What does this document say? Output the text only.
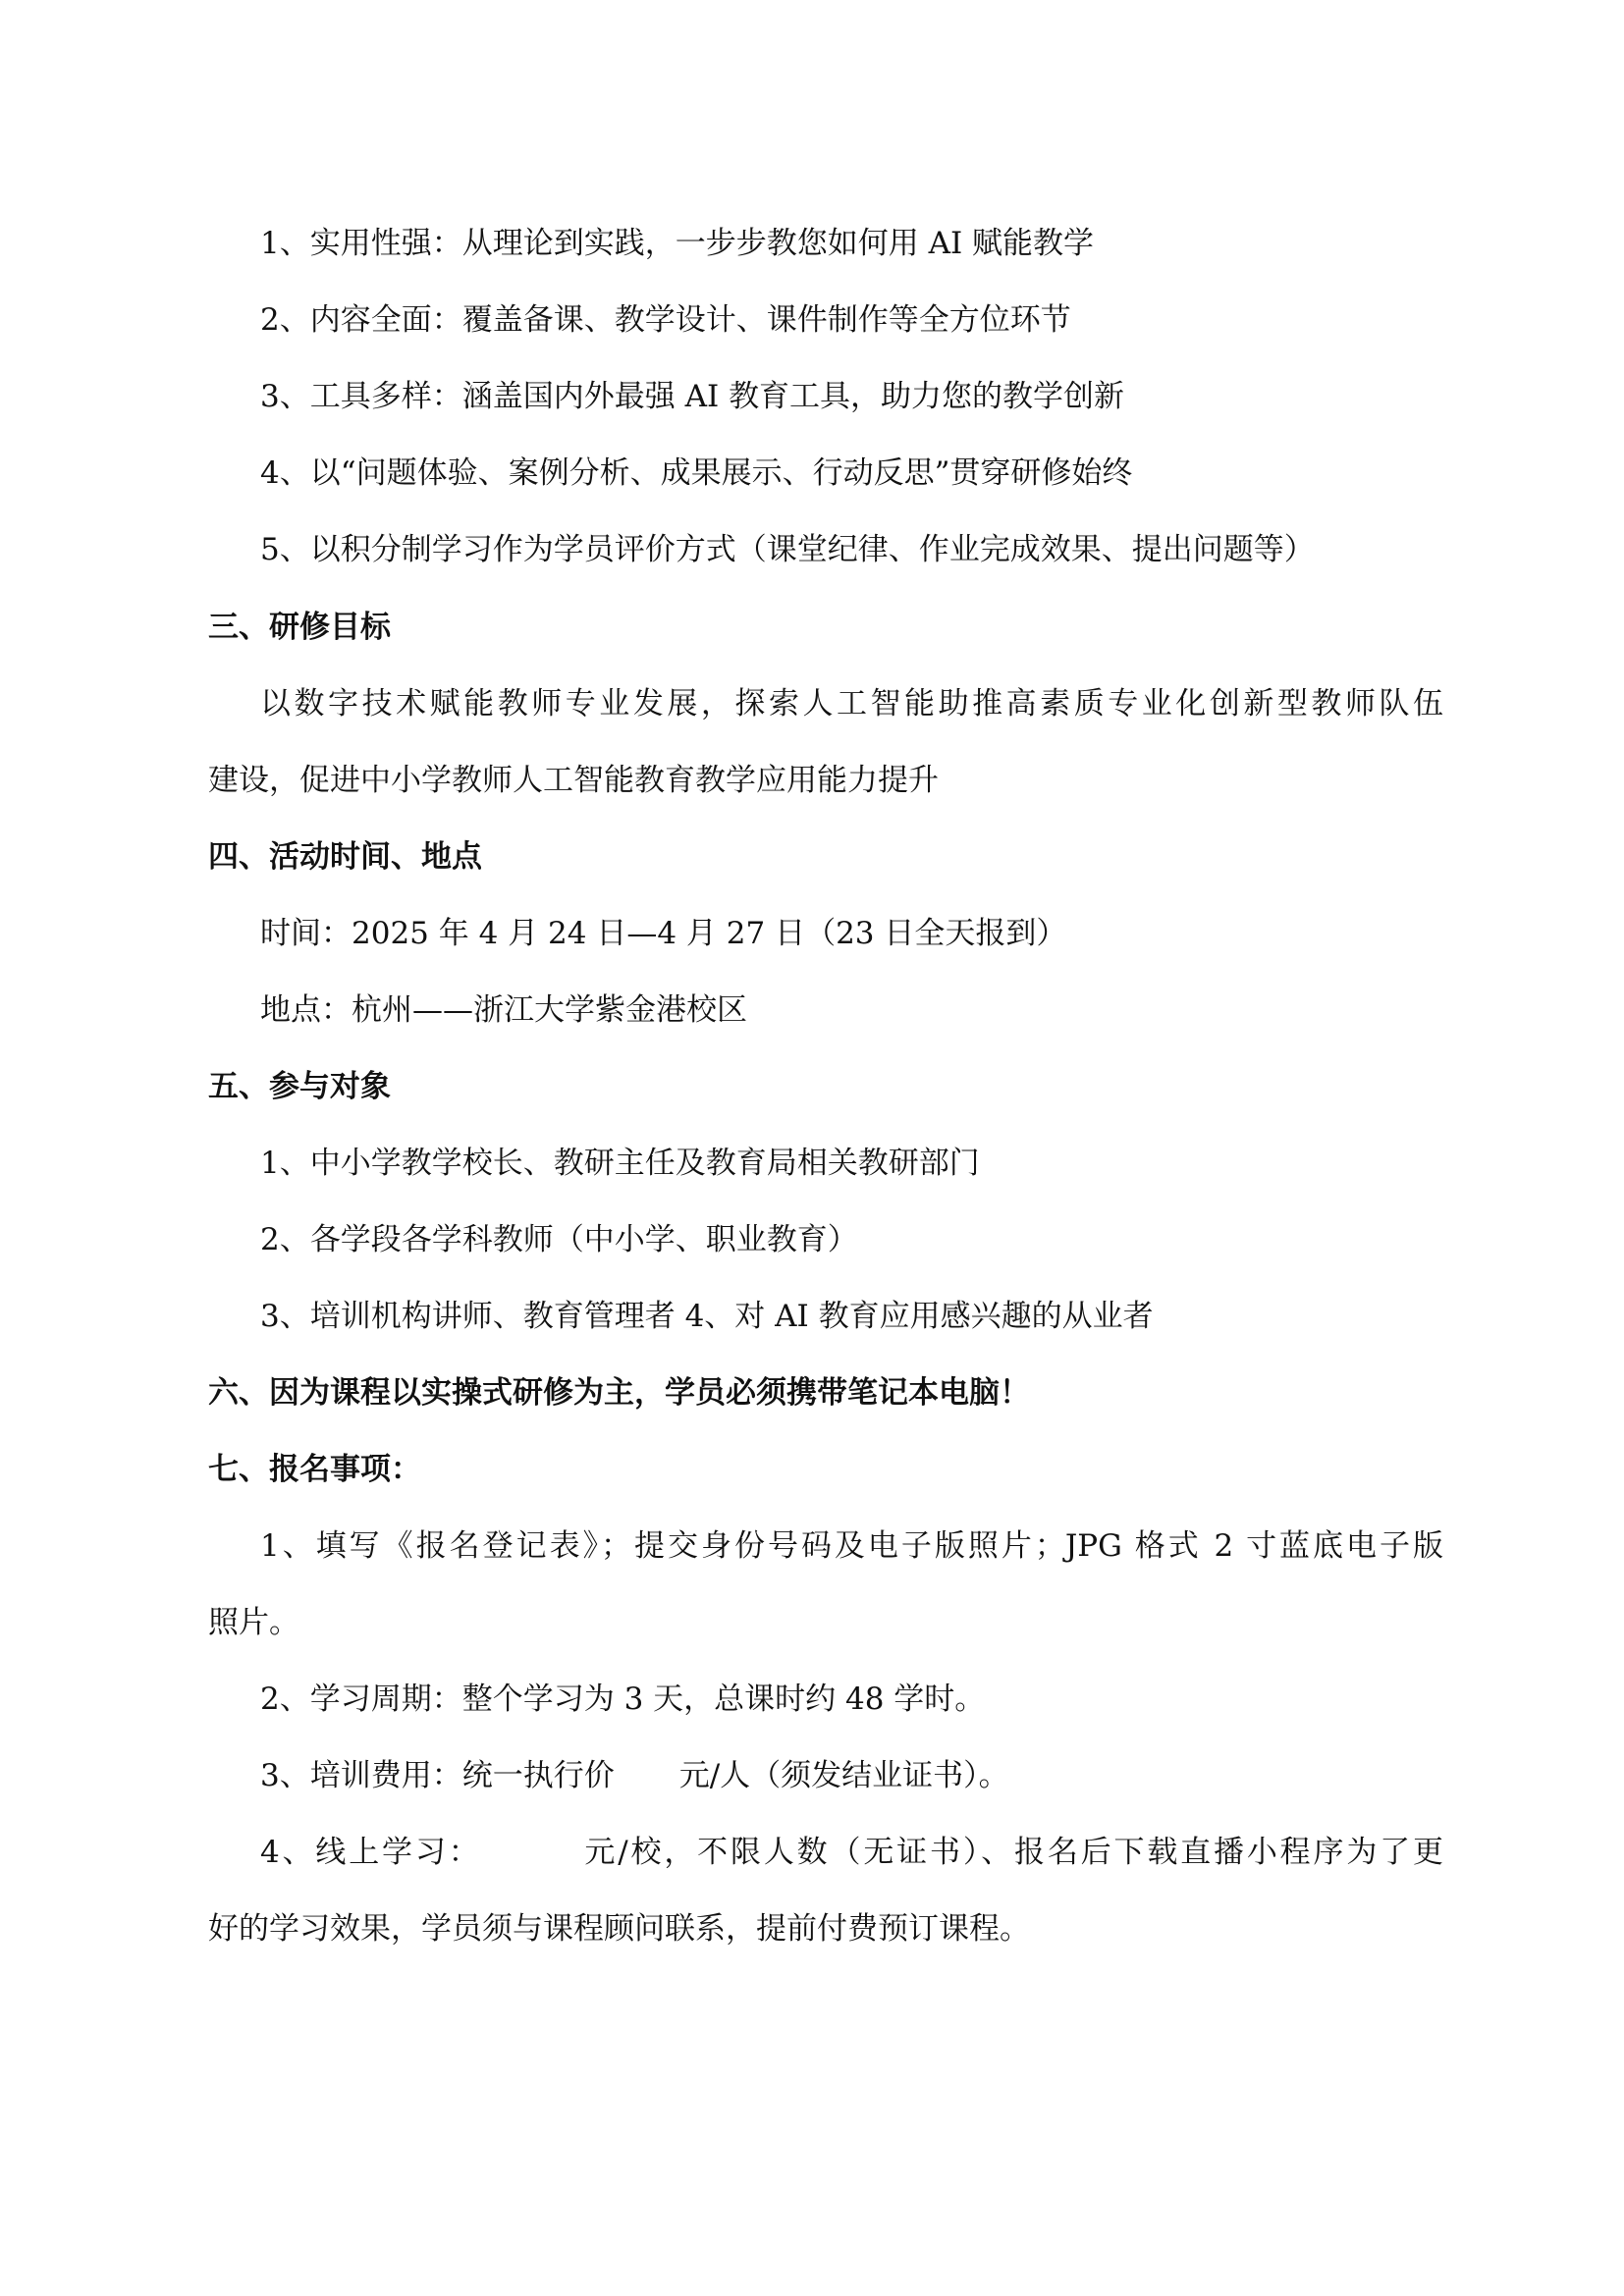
1、实用性强：从理论到实践，一步步教您如何用 AI 赋能教学
2、内容全面：覆盖备课、教学设计、课件制作等全方位环节
3、工具多样：涵盖国内外最强 AI 教育工具，助力您的教学创新
4、以“问题体验、案例分析、成果展示、行动反思”贯穿研修始终
5、以积分制学习作为学员评价方式（课堂纪律、作业完成效果、提出问题等）
三、研修目标
以数字技术赋能教师专业发展，探索人工智能助推高素质专业化创新型教师队伍
建设，促进中小学教师人工智能教育教学应用能力提升
四、活动时间、地点
时间：2025 年 4 月 24 日—4 月 27 日（23 日全天报到）
地点：杭州——浙江大学紫金港校区
五、参与对象
1、中小学教学校长、教研主任及教育局相关教研部门
2、各学段各学科教师（中小学、职业教育）
3、培训机构讲师、教育管理者 4、对 AI 教育应用感兴趣的从业者
六、因为课程以实操式研修为主，学员必须携带笔记本电脑！
七、报名事项：
1、填写《报名登记表》；提交身份号码及电子版照片；JPG 格式 2 寸蓝底电子版
照片。
2、学习周期：整个学习为 3 天，总课时约 48 学时。
3、培训费用：统一执行价 元/人（须发结业证书）。
4、线上学习：	元/校，不限人数（无证书）、报名后下载直播小程序为了更
好的学习效果，学员须与课程顾问联系，提前付费预订课程。
